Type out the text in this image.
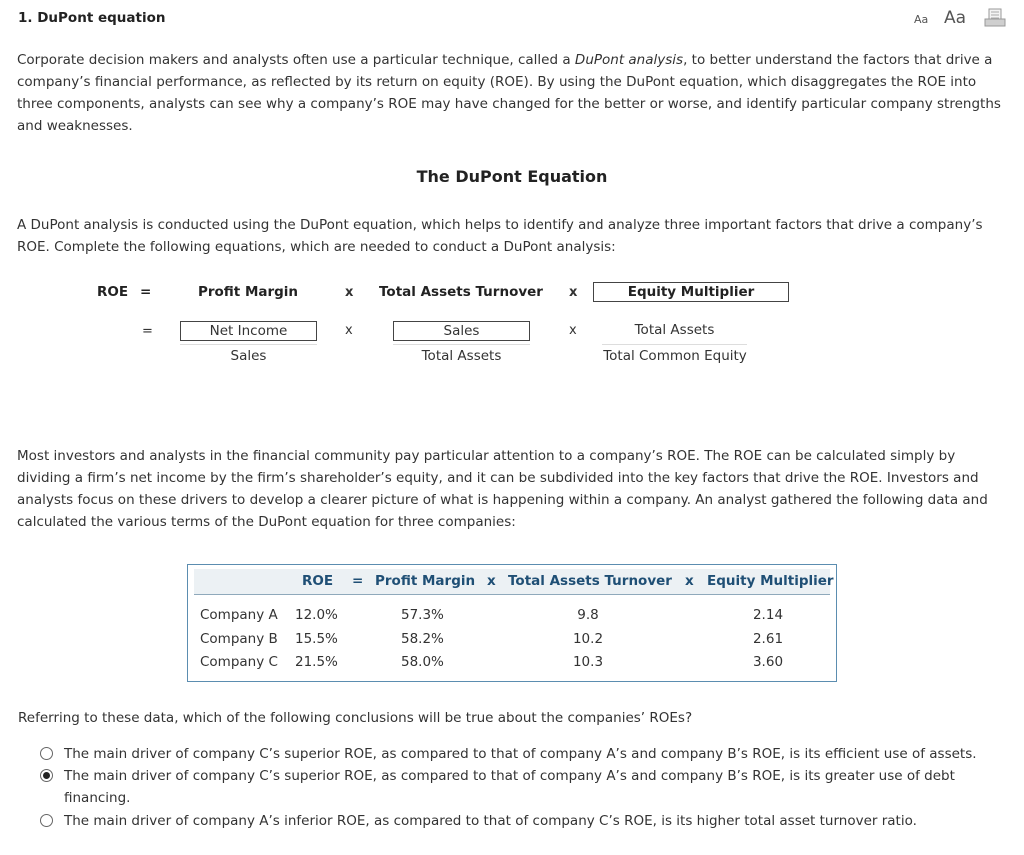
1. DuPont equation	Aa Aa

Corporate decision makers and analysts often use a particular technique, called a DuPont analysis, to better understand the factors that drive a company’s financial performance, as reflected by its return on equity (ROE). By using the DuPont equation, which disaggregates the ROE into three components, analysts can see why a company’s ROE may have changed for the better or worse, and identify particular company strengths and weaknesses.

The DuPont Equation

A DuPont analysis is conducted using the DuPont equation, which helps to identify and analyze three important factors that drive a company’s ROE. Complete the following equations, which are needed to conduct a DuPont analysis:

ROE =	Profit Margin	x Total Assets Turnover x	Equity Multiplier
=	Net Income
Sales
x	Sales
Total Assets
x	Total Assets
Total Common Equity

Most investors and analysts in the financial community pay particular attention to a company’s ROE. The ROE can be calculated simply by dividing a firm’s net income by the firm’s shareholder’s equity, and it can be subdivided into the key factors that drive the ROE. Investors and analysts focus on these drivers to develop a clearer picture of what is happening within a company. An analyst gathered the following data and calculated the various terms of the DuPont equation for three companies:

ROE = Profit Margin x Total Assets Turnover x Equity Multiplier
Company A 12.0%	57.3%	9.8	2.14
Company B 15.5%	58.2%	10.2	2.61
Company C 21.5%	58.0%	10.3	3.60
Referring to these data, which of the following conclusions will be true about the companies’ ROEs?
The main driver of company C’s superior ROE, as compared to that of company A’s and company B’s ROE, is its efficient use of assets.
The main driver of company C’s superior ROE, as compared to that of company A’s and company B’s ROE, is its greater use of debt financing.
The main driver of company A’s inferior ROE, as compared to that of company C’s ROE, is its higher total asset turnover ratio.
